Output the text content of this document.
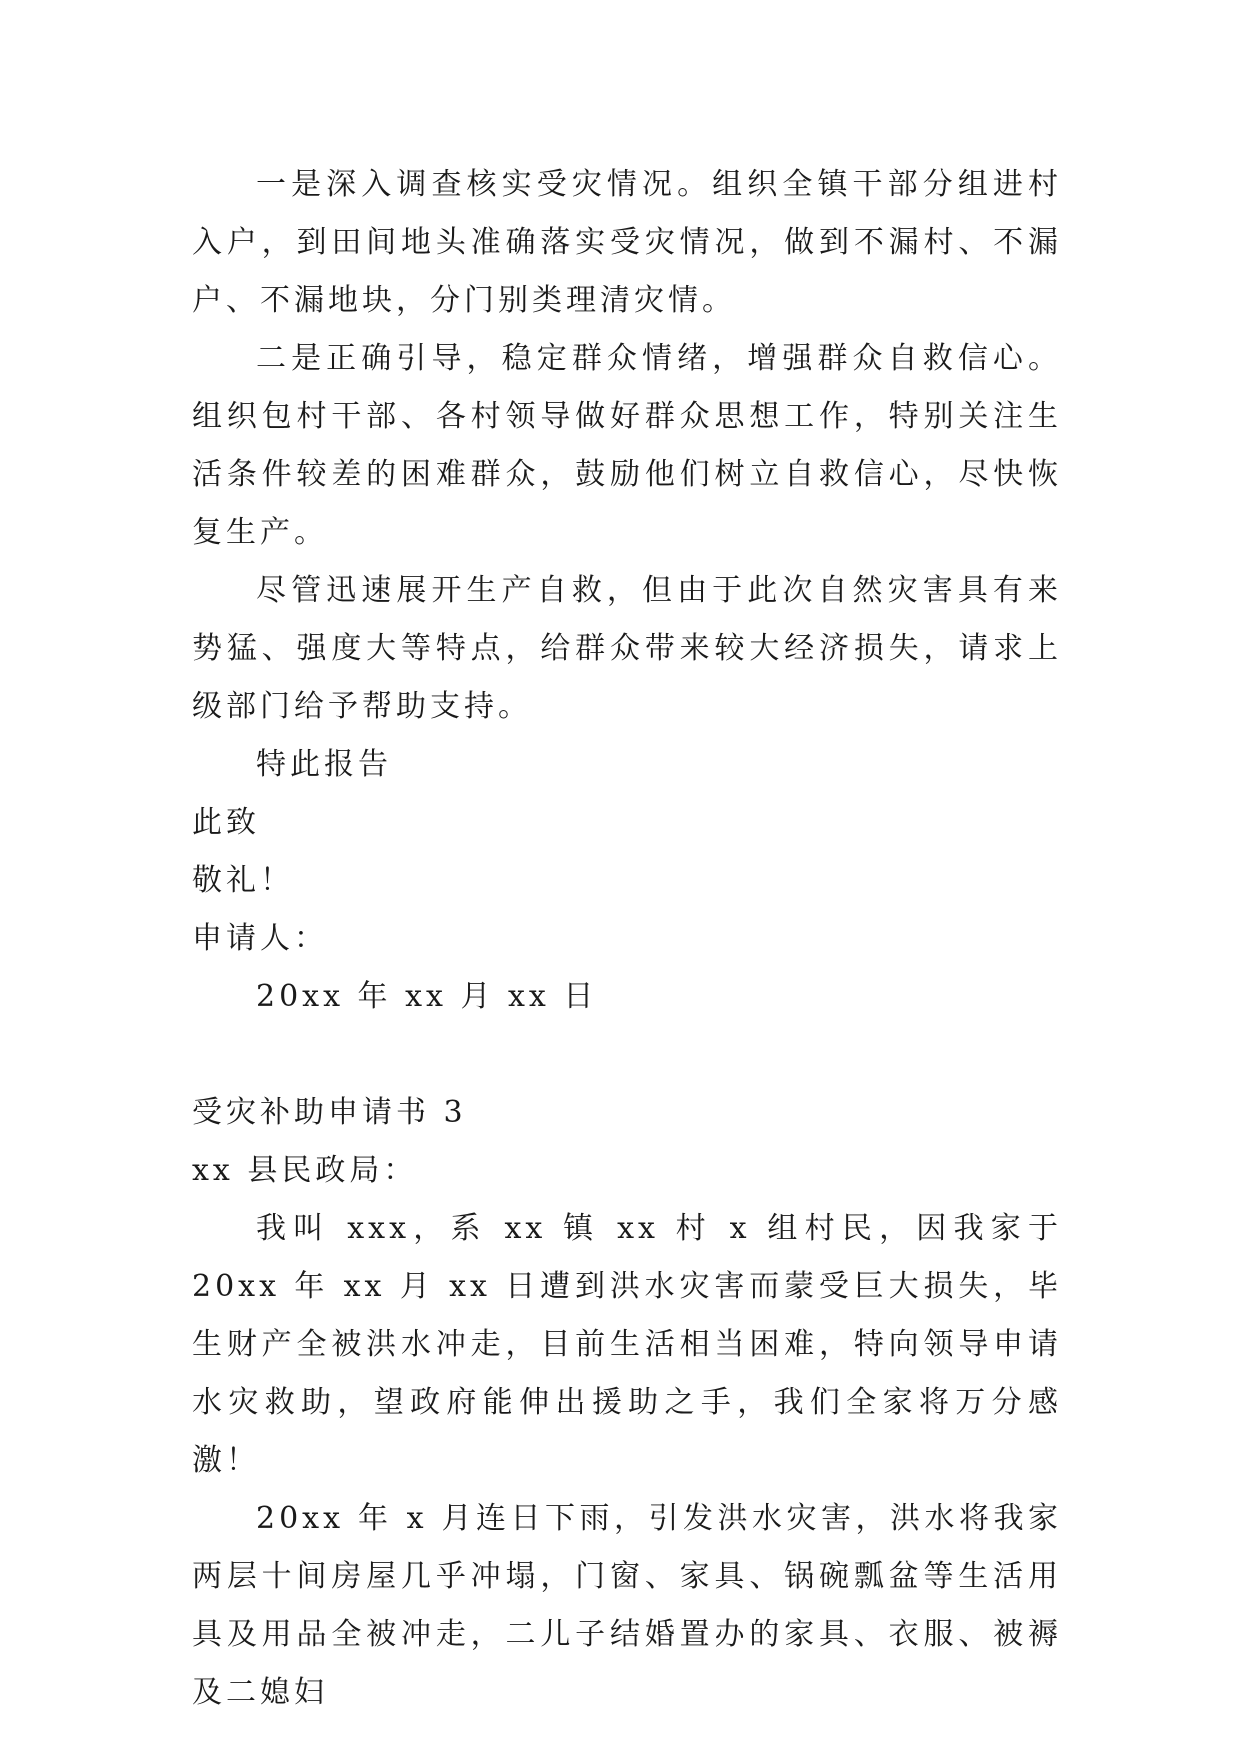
一是深入调查核实受灾情况。组织全镇干部分组进村入户，到田间地头准确落实受灾情况，做到不漏村、不漏户、不漏地块，分门别类理清灾情。

二是正确引导，稳定群众情绪，增强群众自救信心。组织包村干部、各村领导做好群众思想工作，特别关注生活条件较差的困难群众，鼓励他们树立自救信心，尽快恢复生产。

尽管迅速展开生产自救，但由于此次自然灾害具有来势猛、强度大等特点，给群众带来较大经济损失，请求上级部门给予帮助支持。

特此报告

此致

敬礼！

申请人：

20xx 年 xx 月 xx 日

受灾补助申请书 3

xx 县民政局：

我叫 xxx，系 xx 镇 xx 村 x 组村民，因我家于 20xx 年 xx 月 xx 日遭到洪水灾害而蒙受巨大损失，毕生财产全被洪水冲走，目前生活相当困难，特向领导申请水灾救助，望政府能伸出援助之手，我们全家将万分感激！

20xx 年 x 月连日下雨，引发洪水灾害，洪水将我家两层十间房屋几乎冲塌，门窗、家具、锅碗瓢盆等生活用具及用品全被冲走，二儿子结婚置办的家具、衣服、被褥及二媳妇
